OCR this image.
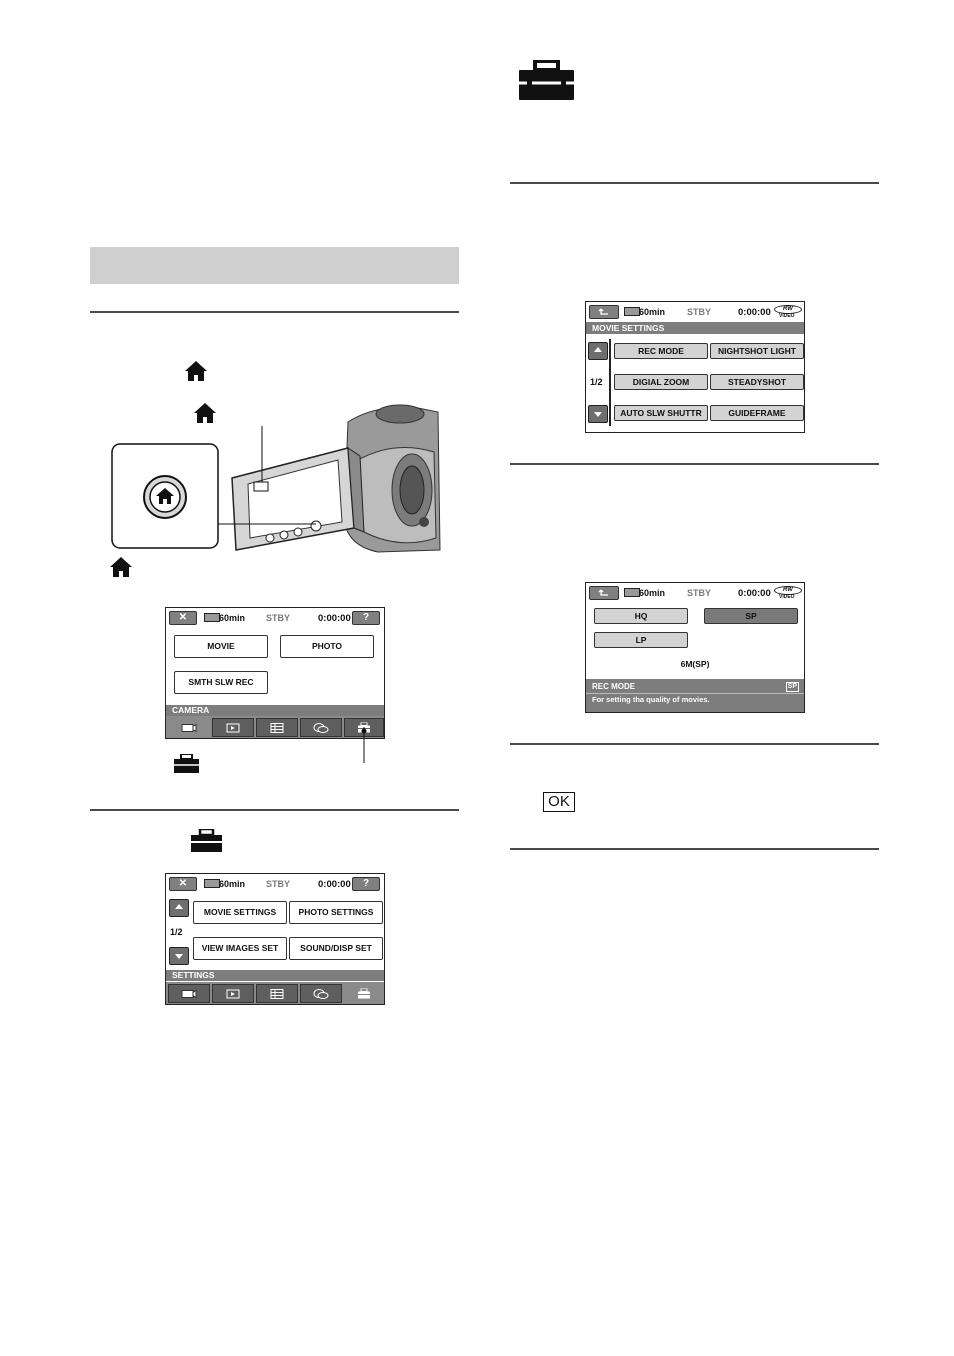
✕	60min STBY	0:00:00	?
MOVIE	PHOTO
SMTH SLW REC
CAMERA
✕	60min STBY	0:00:00	?
1/2
MOVIE SETTINGS	PHOTO SETTINGS
VIEW IMAGES SET	SOUND/DISP SET
SETTINGS
60min STBY	0:00:00	RW
VIDEO
MOVIE SETTINGS
1/2
REC MODE	NIGHTSHOT LIGHT
DIGIAL ZOOM	STEADYSHOT
AUTO SLW SHUTTR	GUIDEFRAME
60min STBY	0:00:00	RW
VIDEO
HQ	SP
LP
6M(SP)
REC MODE	SP
For setting tha quality of movies.
OK
